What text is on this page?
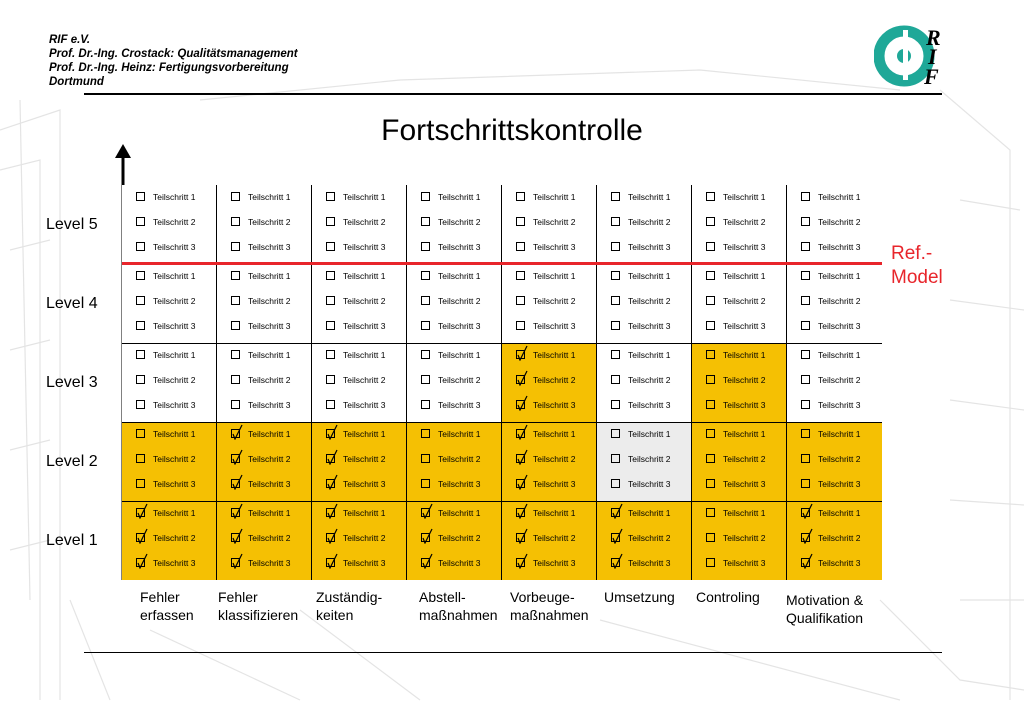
RIF e.V.
Prof. Dr.-Ing. Crostack: Qualitätsmanagement
Prof. Dr.-Ing. Heinz: Fertigungsvorbereitung
Dortmund
R
I
F
Fortschrittskontrolle
Level 5
Level 4
Level 3
Level 2
Level 1
Teilschritt 1
Teilschritt 2
Teilschritt 3
Teilschritt 1
Teilschritt 2
Teilschritt 3
Teilschritt 1
Teilschritt 2
Teilschritt 3
Teilschritt 1
Teilschritt 2
Teilschritt 3
Teilschritt 1
Teilschritt 2
Teilschritt 3
Teilschritt 1
Teilschritt 2
Teilschritt 3
Teilschritt 1
Teilschritt 2
Teilschritt 3
Teilschritt 1
Teilschritt 2
Teilschritt 3
Teilschritt 1
Teilschritt 2
Teilschritt 3
Teilschritt 1
Teilschritt 2
Teilschritt 3
Teilschritt 1
Teilschritt 2
Teilschritt 3
Teilschritt 1
Teilschritt 2
Teilschritt 3
Teilschritt 1
Teilschritt 2
Teilschritt 3
Teilschritt 1
Teilschritt 2
Teilschritt 3
Teilschritt 1
Teilschritt 2
Teilschritt 3
Teilschritt 1
Teilschritt 2
Teilschritt 3
Teilschritt 1
Teilschritt 2
Teilschritt 3
Teilschritt 1
Teilschritt 2
Teilschritt 3
Teilschritt 1
Teilschritt 2
Teilschritt 3
Teilschritt 1
Teilschritt 2
Teilschritt 3
Teilschritt 1
Teilschritt 2
Teilschritt 3
Teilschritt 1
Teilschritt 2
Teilschritt 3
Teilschritt 1
Teilschritt 2
Teilschritt 3
Teilschritt 1
Teilschritt 2
Teilschritt 3
Teilschritt 1
Teilschritt 2
Teilschritt 3
Teilschritt 1
Teilschritt 2
Teilschritt 3
Teilschritt 1
Teilschritt 2
Teilschritt 3
Teilschritt 1
Teilschritt 2
Teilschritt 3
Teilschritt 1
Teilschritt 2
Teilschritt 3
Teilschritt 1
Teilschritt 2
Teilschritt 3
Teilschritt 1
Teilschritt 2
Teilschritt 3
Teilschritt 1
Teilschritt 2
Teilschritt 3
Teilschritt 1
Teilschritt 2
Teilschritt 3
Teilschritt 1
Teilschritt 2
Teilschritt 3
Teilschritt 1
Teilschritt 2
Teilschritt 3
Teilschritt 1
Teilschritt 2
Teilschritt 3
Teilschritt 1
Teilschritt 2
Teilschritt 3
Teilschritt 1
Teilschritt 2
Teilschritt 3
Teilschritt 1
Teilschritt 2
Teilschritt 3
Teilschritt 1
Teilschritt 2
Teilschritt 3
Ref.-
Model
Fehler
erfassen
Fehler
klassifizieren
Zuständig-
keiten
Abstell-
maßnahmen
Vorbeuge-
maßnahmen
Umsetzung Controling Motivation &
Qualifikation
